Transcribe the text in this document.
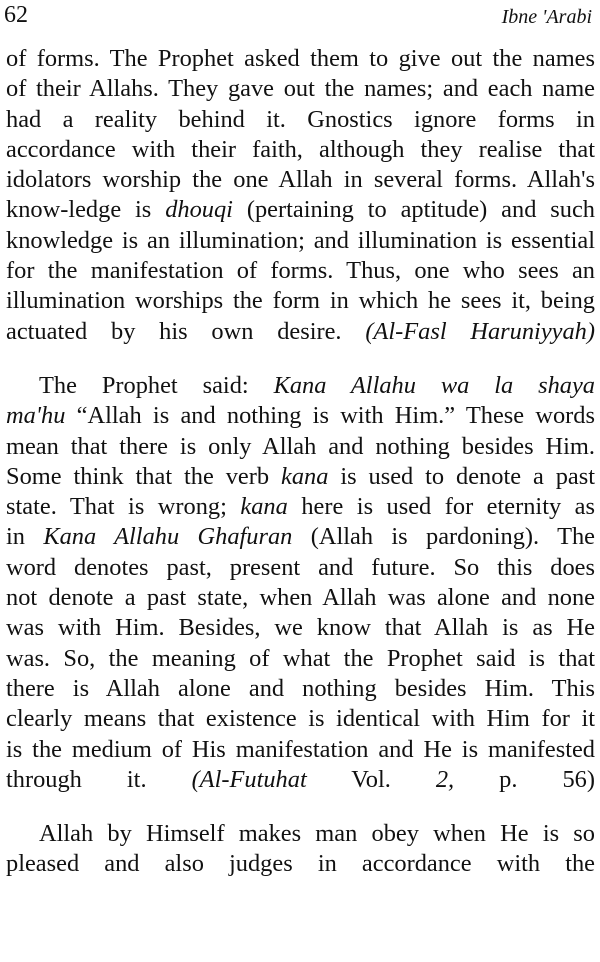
62	Ibne 'Arabi
of forms. The Prophet asked them to give out the names
of their Allahs. They gave out the names; and each name
had a reality behind it. Gnostics ignore forms in
accordance with their faith, although they realise that
idolators worship the one Allah in several forms. Allah's
know-ledge is dhouqi (pertaining to aptitude) and such
knowledge is an illumination; and illumination is essential
for the manifestation of forms. Thus, one who sees an
illumination worships the form in which he sees it, being
actuated by his own desire. (Al-Fasl Haruniyyah)
The Prophet said: Kana Allahu wa la shaya
ma'hu “Allah is and nothing is with Him.” These words
mean that there is only Allah and nothing besides Him.
Some think that the verb kana is used to denote a past
state. That is wrong; kana here is used for eternity as
in Kana Allahu Ghafuran (Allah is pardoning). The
word denotes past, present and future. So this does
not denote a past state, when Allah was alone and none
was with Him. Besides, we know that Allah is as He
was. So, the meaning of what the Prophet said is that
there is Allah alone and nothing besides Him. This
clearly means that existence is identical with Him for it
is the medium of His manifestation and He is manifested
through it. (Al-Futuhat Vol. 2, p. 56)
Allah by Himself makes man obey when He is so
pleased and also judges in accordance with the
